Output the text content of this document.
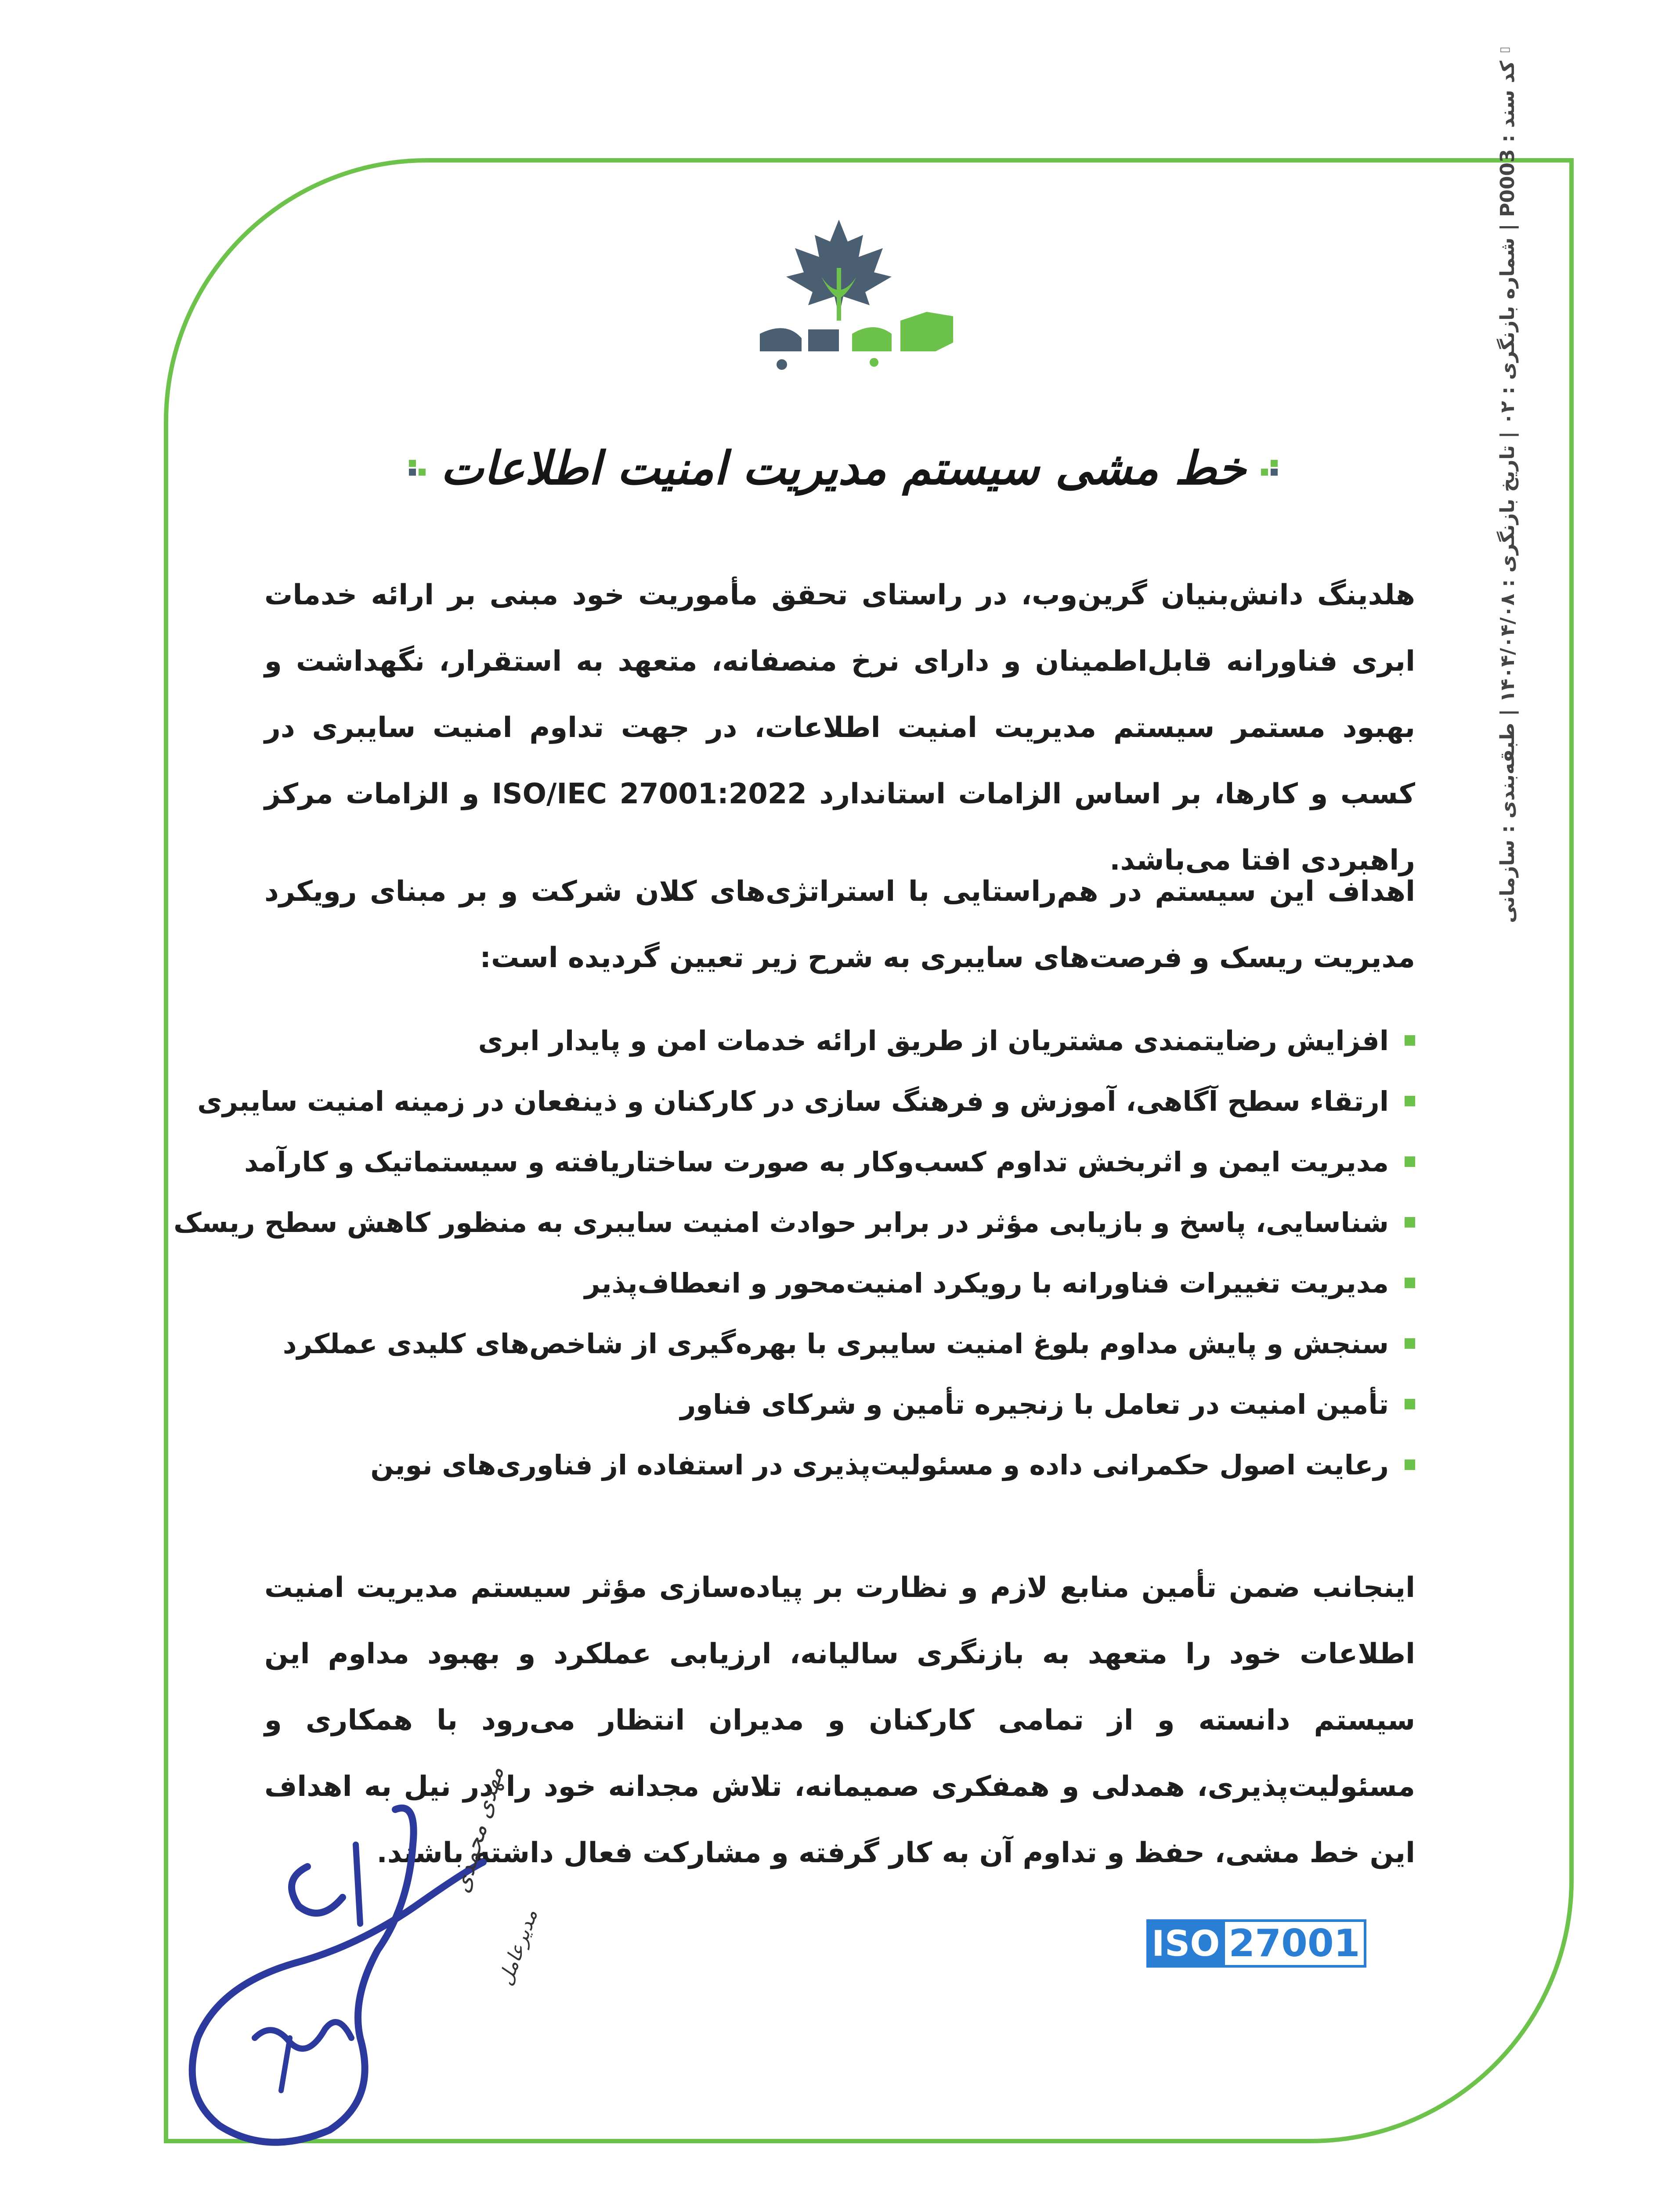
▭
خط مشی سیستم مدیریت امنیت اطلاعات

هلدینگ دانش‌بنیان گرین‌وب، در راستای تحقق مأموریت خود مبنی بر ارائه خدمات ابری فناورانه قابل‌اطمینان و دارای نرخ منصفانه، متعهد به استقرار، نگهداشت و بهبود مستمر سیستم مدیریت امنیت اطلاعات، در جهت تداوم امنیت سایبری در کسب و کارها، بر اساس الزامات استاندارد ISO/IEC 27001:2022 و الزامات مرکز راهبردی افتا می‌باشد.

اهداف این سیستم در هم‌راستایی با استراتژی‌های کلان شرکت و بر مبنای رویکرد مدیریت ریسک و فرصت‌های سایبری به شرح زیر تعیین گردیده است:

افزایش رضایتمندی مشتریان از طریق ارائه خدمات امن و پایدار ابری
ارتقاء سطح آگاهی، آموزش و فرهنگ سازی در کارکنان و ذینفعان در زمینه امنیت سایبری
مدیریت ایمن و اثربخش تداوم کسب‌وکار به صورت ساختاریافته و سیستماتیک و کارآمد
شناسایی، پاسخ و بازیابی مؤثر در برابر حوادث امنیت سایبری به منظور کاهش سطح ریسک
مدیریت تغییرات فناورانه با رویکرد امنیت‌محور و انعطاف‌پذیر
سنجش و پایش مداوم بلوغ امنیت سایبری با بهره‌گیری از شاخص‌های کلیدی عملکرد
تأمین امنیت در تعامل با زنجیره تأمین و شرکای فناور
رعایت اصول حکمرانی داده و مسئولیت‌پذیری در استفاده از فناوری‌های نوین

اینجانب ضمن تأمین منابع لازم و نظارت بر پیاده‌سازی مؤثر سیستم مدیریت امنیت اطلاعات خود را متعهد به بازنگری سالیانه، ارزیابی عملکرد و بهبود مداوم این سیستم دانسته و از تمامی کارکنان و مدیران انتظار می‌رود با همکاری و مسئولیت‌پذیری، همدلی و همفکری صمیمانه، تلاش مجدانه خود را در نیل به اهداف این خط مشی، حفظ و تداوم آن به کار گرفته و مشارکت فعال داشته باشند.

کد سند : P0003 | شماره بازنگری : ۰۲ | تاریخ بازنگری : ۱۴۰۴/۰۴/۰۸ | طبقه‌بندی : سازمانی
مهدی محمدی
مدیرعامل	ISO 27001
